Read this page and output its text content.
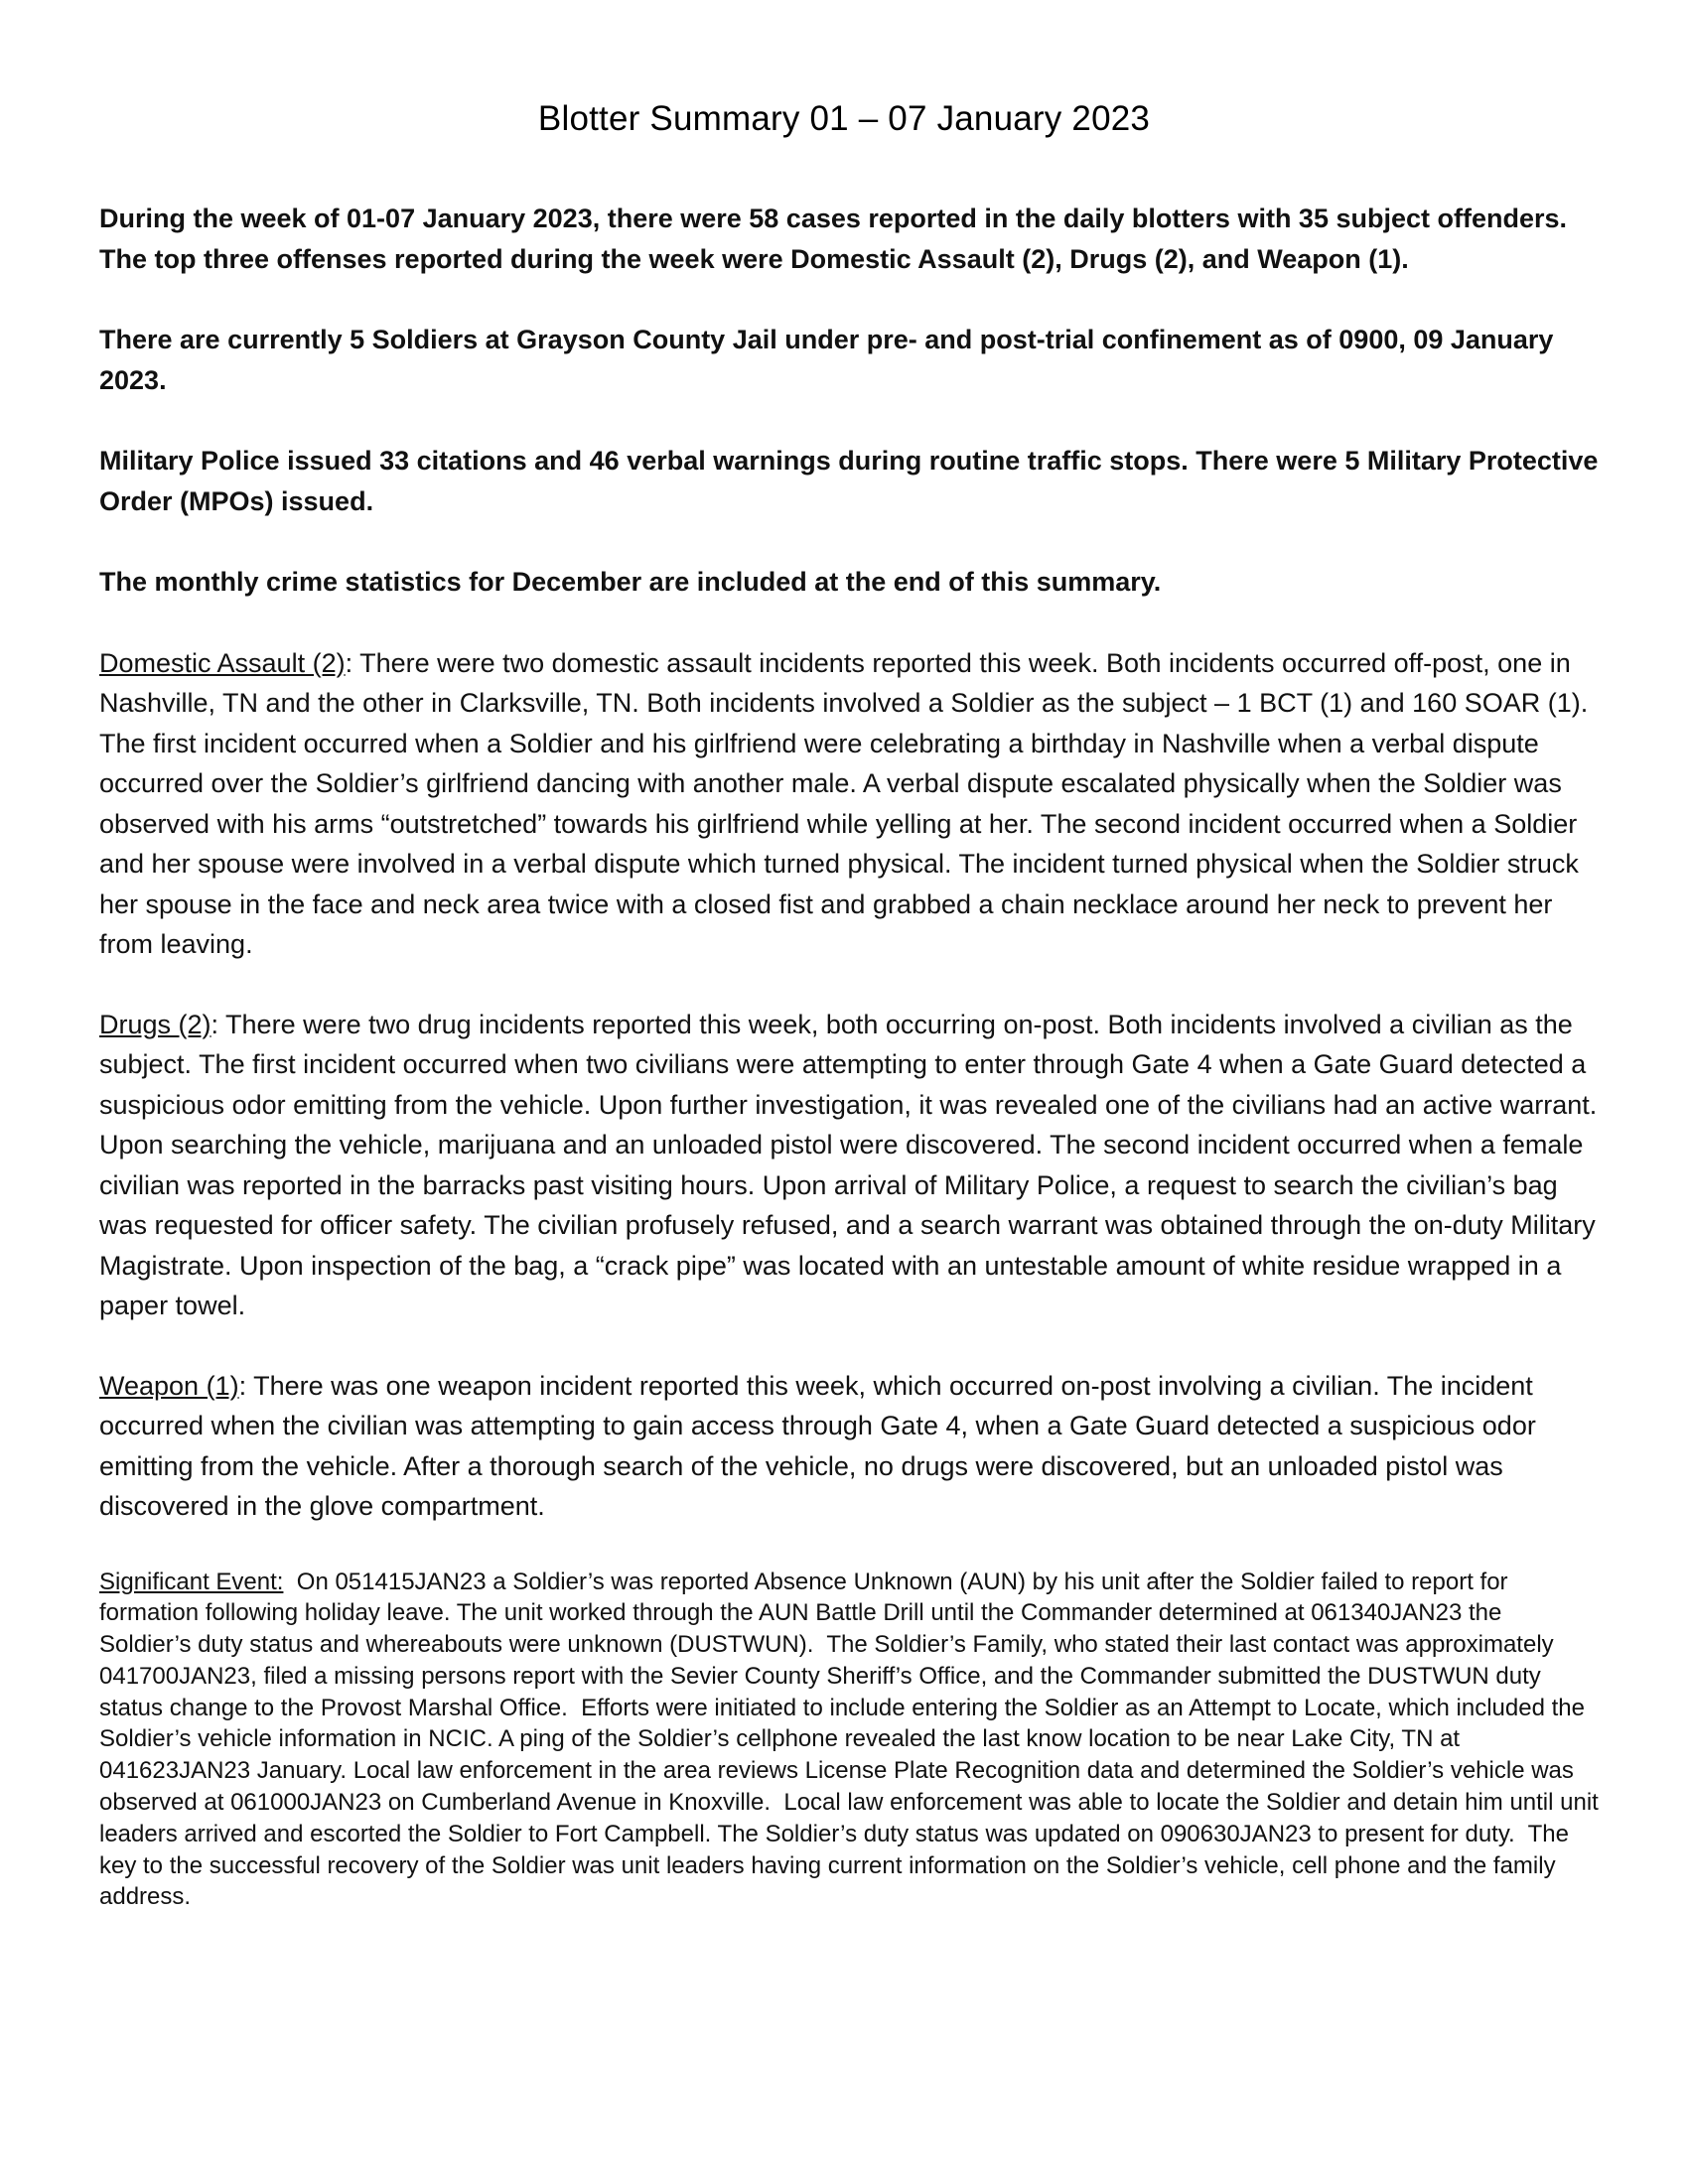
Blotter Summary 01 – 07 January 2023

During the week of 01-07 January 2023, there were 58 cases reported in the daily blotters with 35 subject offenders. The top three offenses reported during the week were Domestic Assault (2), Drugs (2), and Weapon (1).

There are currently 5 Soldiers at Grayson County Jail under pre- and post-trial confinement as of 0900, 09 January 2023.

Military Police issued 33 citations and 46 verbal warnings during routine traffic stops. There were 5 Military Protective Order (MPOs) issued.

The monthly crime statistics for December are included at the end of this summary.

Domestic Assault (2): There were two domestic assault incidents reported this week. Both incidents occurred off-post, one in Nashville, TN and the other in Clarksville, TN. Both incidents involved a Soldier as the subject – 1 BCT (1) and 160 SOAR (1). The first incident occurred when a Soldier and his girlfriend were celebrating a birthday in Nashville when a verbal dispute occurred over the Soldier’s girlfriend dancing with another male. A verbal dispute escalated physically when the Soldier was observed with his arms “outstretched” towards his girlfriend while yelling at her. The second incident occurred when a Soldier and her spouse were involved in a verbal dispute which turned physical. The incident turned physical when the Soldier struck her spouse in the face and neck area twice with a closed fist and grabbed a chain necklace around her neck to prevent her from leaving.

Drugs (2): There were two drug incidents reported this week, both occurring on-post. Both incidents involved a civilian as the subject. The first incident occurred when two civilians were attempting to enter through Gate 4 when a Gate Guard detected a suspicious odor emitting from the vehicle. Upon further investigation, it was revealed one of the civilians had an active warrant. Upon searching the vehicle, marijuana and an unloaded pistol were discovered. The second incident occurred when a female civilian was reported in the barracks past visiting hours. Upon arrival of Military Police, a request to search the civilian’s bag was requested for officer safety. The civilian profusely refused, and a search warrant was obtained through the on-duty Military Magistrate. Upon inspection of the bag, a “crack pipe” was located with an untestable amount of white residue wrapped in a paper towel.

Weapon (1): There was one weapon incident reported this week, which occurred on-post involving a civilian. The incident occurred when the civilian was attempting to gain access through Gate 4, when a Gate Guard detected a suspicious odor emitting from the vehicle. After a thorough search of the vehicle, no drugs were discovered, but an unloaded pistol was discovered in the glove compartment.

Significant Event:  On 051415JAN23 a Soldier’s was reported Absence Unknown (AUN) by his unit after the Soldier failed to report for formation following holiday leave. The unit worked through the AUN Battle Drill until the Commander determined at 061340JAN23 the Soldier’s duty status and whereabouts were unknown (DUSTWUN).  The Soldier’s Family, who stated their last contact was approximately 041700JAN23, filed a missing persons report with the Sevier County Sheriff’s Office, and the Commander submitted the DUSTWUN duty status change to the Provost Marshal Office.  Efforts were initiated to include entering the Soldier as an Attempt to Locate, which included the Soldier’s vehicle information in NCIC. A ping of the Soldier’s cellphone revealed the last know location to be near Lake City, TN at 041623JAN23 January. Local law enforcement in the area reviews License Plate Recognition data and determined the Soldier’s vehicle was observed at 061000JAN23 on Cumberland Avenue in Knoxville.  Local law enforcement was able to locate the Soldier and detain him until unit leaders arrived and escorted the Soldier to Fort Campbell. The Soldier’s duty status was updated on 090630JAN23 to present for duty.  The key to the successful recovery of the Soldier was unit leaders having current information on the Soldier’s vehicle, cell phone and the family address.
